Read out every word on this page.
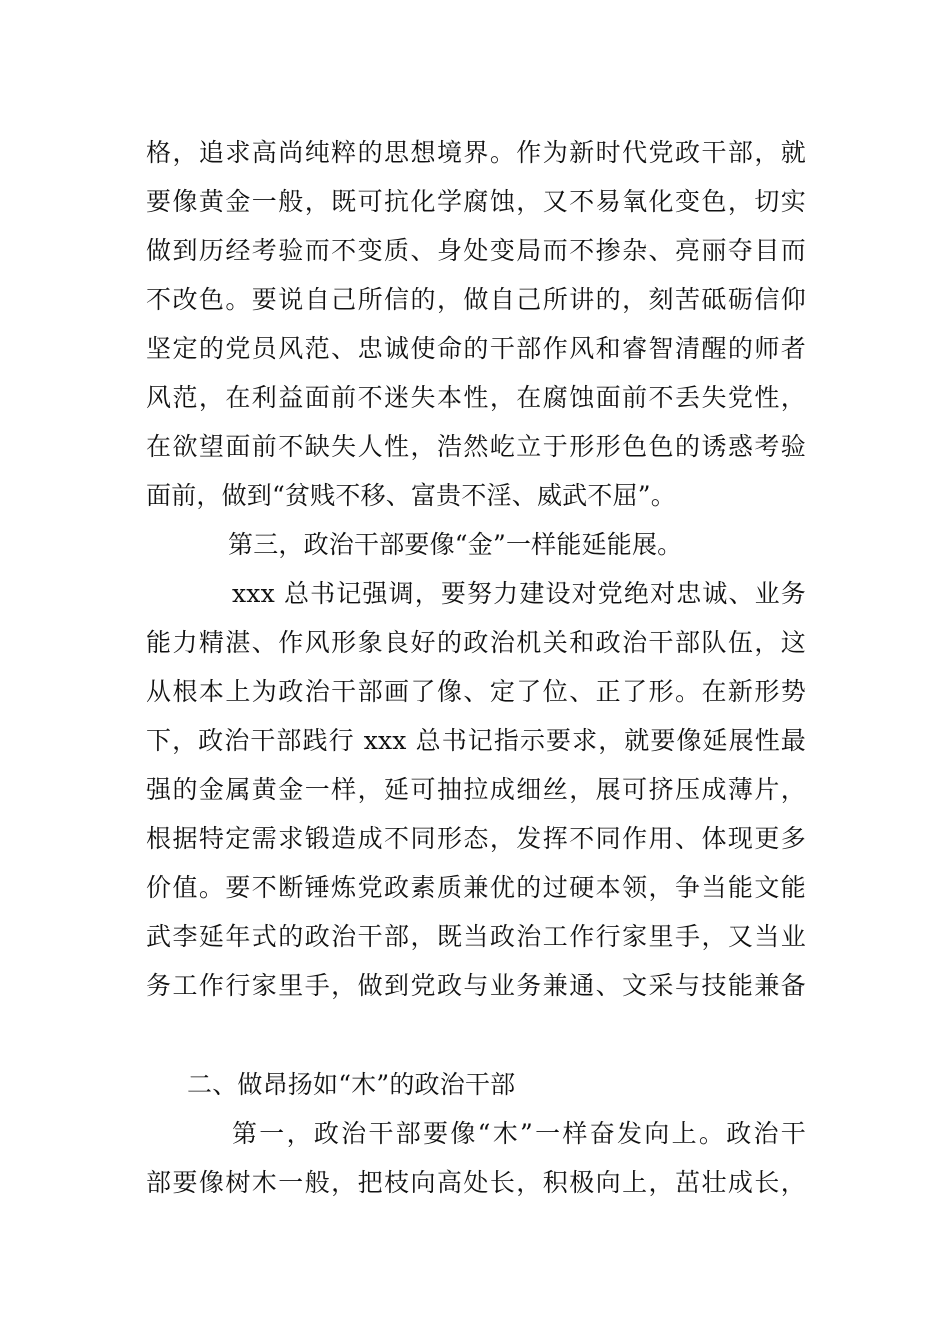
格，追求高尚纯粹的思想境界。作为新时代党政干部，就
要像黄金一般，既可抗化学腐蚀，又不易氧化变色，切实
做到历经考验而不变质、身处变局而不掺杂、亮丽夺目而
不改色。要说自己所信的，做自己所讲的，刻苦砥砺信仰
坚定的党员风范、忠诚使命的干部作风和睿智清醒的师者
风范，在利益面前不迷失本性，在腐蚀面前不丢失党性，
在欲望面前不缺失人性，浩然屹立于形形色色的诱惑考验
面前，做到“贫贱不移、富贵不淫、威武不屈”。
第三，政治干部要像“金”一样能延能展。
xxx 总书记强调，要努力建设对党绝对忠诚、业务
能力精湛、作风形象良好的政治机关和政治干部队伍，这
从根本上为政治干部画了像、定了位、正了形。在新形势
下，政治干部践行 xxx 总书记指示要求，就要像延展性最
强的金属黄金一样，延可抽拉成细丝，展可挤压成薄片，
根据特定需求锻造成不同形态，发挥不同作用、体现更多
价值。要不断锤炼党政素质兼优的过硬本领，争当能文能
武李延年式的政治干部，既当政治工作行家里手，又当业
务工作行家里手，做到党政与业务兼通、文采与技能兼备
二、做昂扬如“木”的政治干部
第一，政治干部要像“木”一样奋发向上。政治干
部要像树木一般，把枝向高处长，积极向上，茁壮成长，
